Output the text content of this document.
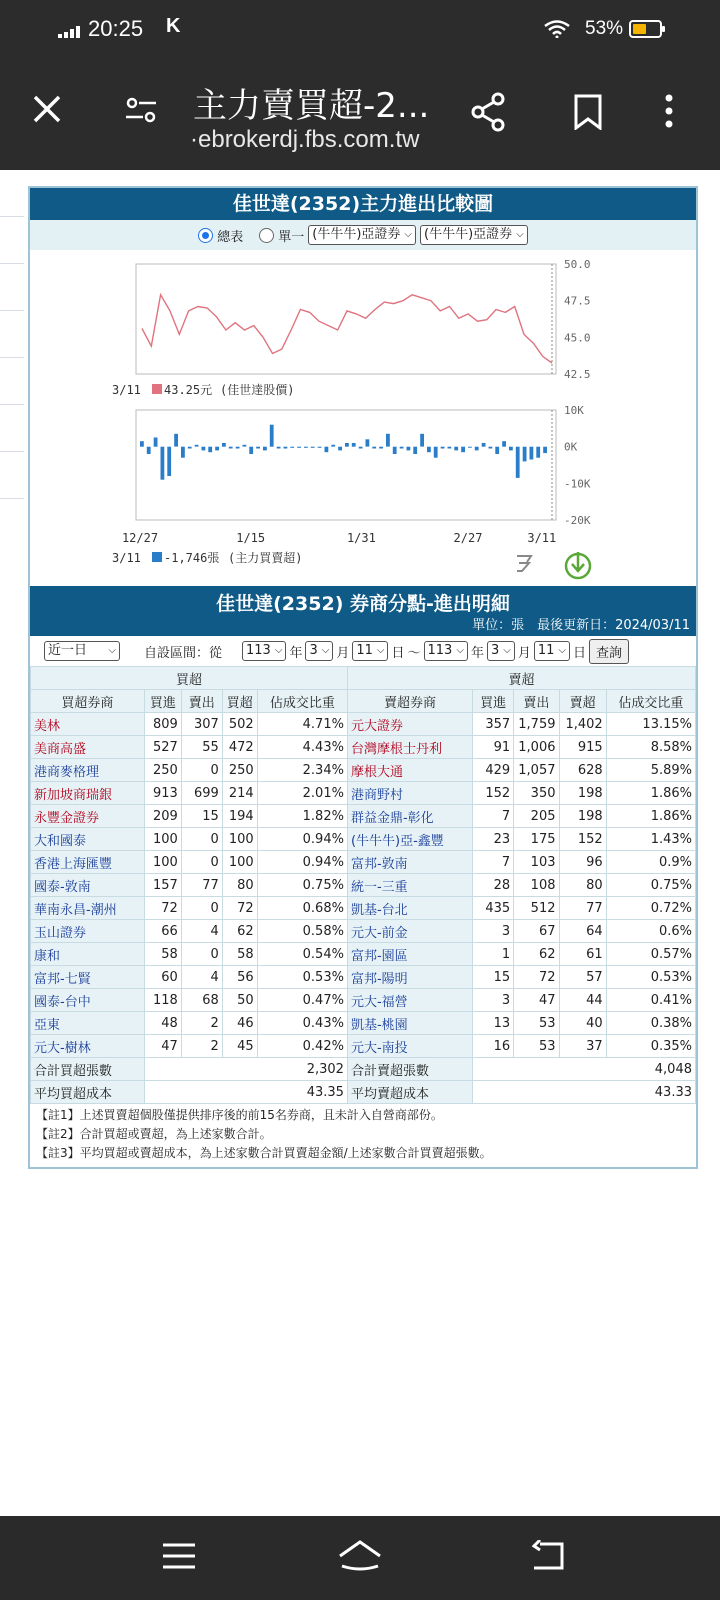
20:25 K	53%
主力賣買超-2...
·ebrokerdj.fbs.com.tw
佳世達(2352)主力進出比較圖
總表	單一 (牛牛牛)亞證券 ⌵ (牛牛牛)亞證券 ⌵
50.0
47.5
45.0
42.5
3/11 43.25元 (佳世達股價)
10K
0K
-10K
-20K
12/27	1/15	1/31	2/27	3/11
3/11 -1,746張 (主力買賣超)
佳世達(2352) 券商分點-進出明細
單位：張　最後更新日：2024/03/11
近一日 ⌵ 自設區間：從 113 ⌵ 年 3 ⌵ 月 11 ⌵ 日 ～ 113 ⌵ 年 3 ⌵ 月 11 ⌵ 日 查詢
買超					賣超				
買超券商	買進	賣出	買超	佔成交比重	賣超券商	買進	賣出	賣超	佔成交比重
美林	809	307	502	4.71%	元大證券	357	1,759	1,402	13.15%
美商高盛	527	55	472	4.43%	台灣摩根士丹利	91	1,006	915	8.58%
港商麥格理	250	0	250	2.34%	摩根大通	429	1,057	628	5.89%
新加坡商瑞銀	913	699	214	2.01%	港商野村	152	350	198	1.86%
永豐金證券	209	15	194	1.82%	群益金鼎-彰化	7	205	198	1.86%
大和國泰	100	0	100	0.94%	(牛牛牛)亞-鑫豐	23	175	152	1.43%
香港上海匯豐	100	0	100	0.94%	富邦-敦南	7	103	96	0.9%
國泰-敦南	157	77	80	0.75%	統一-三重	28	108	80	0.75%
華南永昌-潮州	72	0	72	0.68%	凱基-台北	435	512	77	0.72%
玉山證券	66	4	62	0.58%	元大-前金	3	67	64	0.6%
康和	58	0	58	0.54%	富邦-園區	1	62	61	0.57%
富邦-七賢	60	4	56	0.53%	富邦-陽明	15	72	57	0.53%
國泰-台中	118	68	50	0.47%	元大-福營	3	47	44	0.41%
亞東	48	2	46	0.43%	凱基-桃園	13	53	40	0.38%
元大-樹林	47	2	45	0.42%	元大-南投	16	53	37	0.35%
合計買超張數	2,302				合計賣超張數	4,048			
平均買超成本	43.35				平均賣超成本	43.33			
【註1】上述買賣超個股僅提供排序後的前15名券商，且未計入自營商部份。
【註2】合計買超或賣超，為上述家數合計。
【註3】平均買超或賣超成本，為上述家數合計買賣超金額/上述家數合計買賣超張數。
